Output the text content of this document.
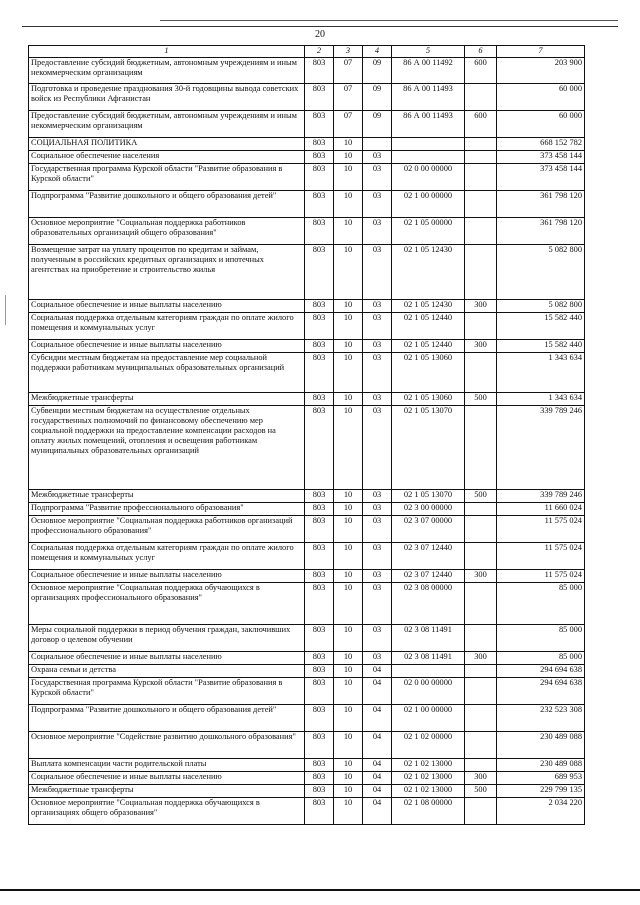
20
1	2	3	4	5	6	7
Предоставление субсидий бюджетным, автономным учреждениям и иным некоммерческим организациям	803	07	09	86 А 00 11492	600	203 900
Подготовка и проведение празднования 30-й годовщины вывода советских войск из Республики Афганистан	803	07	09	86 А 00 11493		60 000
Предоставление субсидий бюджетным, автономным учреждениям и иным некоммерческим организациям	803	07	09	86 А 00 11493	600	60 000
СОЦИАЛЬНАЯ ПОЛИТИКА	803	10				668 152 782
Социальное обеспечение населения	803	10	03			373 458 144
Государственная программа Курской области "Развитие образования в Курской области"	803	10	03	02 0 00 00000		373 458 144
Подпрограмма "Развитие дошкольного и общего образования детей"	803	10	03	02 1 00 00000		361 798 120
Основное мероприятие "Социальная поддержка работников образовательных организаций общего образования"	803	10	03	02 1 05 00000		361 798 120
Возмещение затрат на уплату процентов по кредитам и займам, полученным в российских кредитных организациях и ипотечных агентствах на приобретение и строительство жилья	803	10	03	02 1 05 12430		5 082 800
Социальное обеспечение и иные выплаты населению	803	10	03	02 1 05 12430	300	5 082 800
Социальная поддержка отдельным категориям граждан по оплате жилого помещения и коммунальных услуг	803	10	03	02 1 05 12440		15 582 440
Социальное обеспечение и иные выплаты населению	803	10	03	02 1 05 12440	300	15 582 440
Субсидии местным бюджетам на предоставление мер социальной поддержки работникам муниципальных образовательных организаций	803	10	03	02 1 05 13060		1 343 634
Межбюджетные трансферты	803	10	03	02 1 05 13060	500	1 343 634
Субвенции местным бюджетам на осуществление отдельных государственных полномочий по финансовому обеспечению мер социальной поддержки на предоставление компенсации расходов на оплату жилых помещений, отопления и освещения работникам муниципальных образовательных организаций	803	10	03	02 1 05 13070		339 789 246
Межбюджетные трансферты	803	10	03	02 1 05 13070	500	339 789 246
Подпрограмма "Развитие профессионального образования"	803	10	03	02 3 00 00000		11 660 024
Основное мероприятие "Социальная поддержка работников организаций профессионального образования"	803	10	03	02 3 07 00000		11 575 024
Социальная поддержка отдельным категориям граждан по оплате жилого помещения и коммунальных услуг	803	10	03	02 3 07 12440		11 575 024
Социальное обеспечение и иные выплаты населению	803	10	03	02 3 07 12440	300	11 575 024
Основное мероприятие "Социальная поддержка обучающихся в организациях профессионального образования"	803	10	03	02 3 08 00000		85 000
Меры социальной поддержки в период обучения граждан, заключивших договор о целевом обучении	803	10	03	02 3 08 11491		85 000
Социальное обеспечение и иные выплаты населению	803	10	03	02 3 08 11491	300	85 000
Охрана семьи и детства	803	10	04			294 694 638
Государственная программа Курской области "Развитие образования в Курской области"	803	10	04	02 0 00 00000		294 694 638
Подпрограмма "Развитие дошкольного и общего образования детей"	803	10	04	02 1 00 00000		232 523 308
Основное мероприятие "Содействие развитию дошкольного образования"	803	10	04	02 1 02 00000		230 489 088
Выплата компенсации части родительской платы	803	10	04	02 1 02 13000		230 489 088
Социальное обеспечение и иные выплаты населению	803	10	04	02 1 02 13000	300	689 953
Межбюджетные трансферты	803	10	04	02 1 02 13000	500	229 799 135
Основное мероприятие "Социальная поддержка обучающихся в организациях общего образования"	803	10	04	02 1 08 00000		2 034 220
